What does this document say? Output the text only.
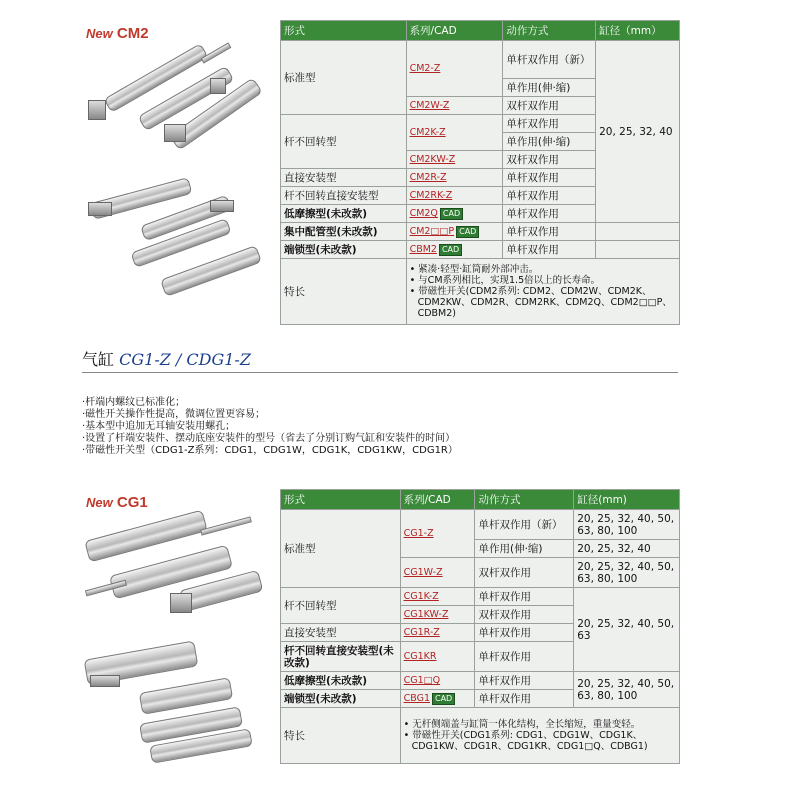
New CM2	形式	系列/CAD	动作方式	缸径（mm）
标准型	CM2-Z	单杆双作用（新）	20, 25, 32, 40
		单作用(伸·缩)	
	CM2W-Z	双杆双作用	
杆不回转型	CM2K-Z	单杆双作用	
		单作用(伸·缩)	
	CM2KW-Z	双杆双作用	
直接安装型	CM2R-Z	单杆双作用	
杆不回转直接安装型	CM2RK-Z	单杆双作用	
低摩擦型(未改款)	CM2Q CAD	单杆双作用	
集中配管型(未改款)	CM2□□P CAD	单杆双作用	
端锁型(未改款)	CBM2 CAD	单杆双作用	
特长	• 紧凑·轻型·缸筒耐外部冲击。
• 与CM系列相比，实现1.5倍以上的长寿命。
• 带磁性开关(CDM2系列: CDM2、CDM2W、CDM2K、CDM2KW、CDM2R、CDM2RK、CDM2Q、CDM2□□P、CDBM2)		
气缸 CG1-Z / CDG1-Z
·杆端内螺纹已标准化；
·磁性开关操作性提高，微调位置更容易；
·基本型中追加无耳轴安装用螺孔；
·设置了杆端安装件、摆动底座安装件的型号（省去了分别订购气缸和安装件的时间）
·带磁性开关型（CDG1-Z系列：CDG1，CDG1W，CDG1K，CDG1KW，CDG1R）
New CG1	形式	系列/CAD	动作方式	缸径(mm)
标准型	CG1-Z	单杆双作用（新）	20, 25, 32, 40, 50, 63, 80, 100
		单作用(伸·缩)	20, 25, 32, 40
	CG1W-Z	双杆双作用	20, 25, 32, 40, 50, 63, 80, 100
杆不回转型	CG1K-Z	单杆双作用	20, 25, 32, 40, 50, 63
	CG1KW-Z	双杆双作用	
直接安装型	CG1R-Z	单杆双作用	
杆不回转直接安装型(未改款)	CG1KR	单杆双作用	
低摩擦型(未改款)	CG1□Q	单杆双作用	20, 25, 32, 40, 50, 63, 80, 100
端锁型(未改款)	CBG1 CAD	单杆双作用	
特长	• 无杆侧端盖与缸筒一体化结构，全长缩短，重量变轻。
• 带磁性开关(CDG1系列: CDG1、CDG1W、CDG1K、CDG1KW、CDG1R、CDG1KR、CDG1□Q、CDBG1)		
